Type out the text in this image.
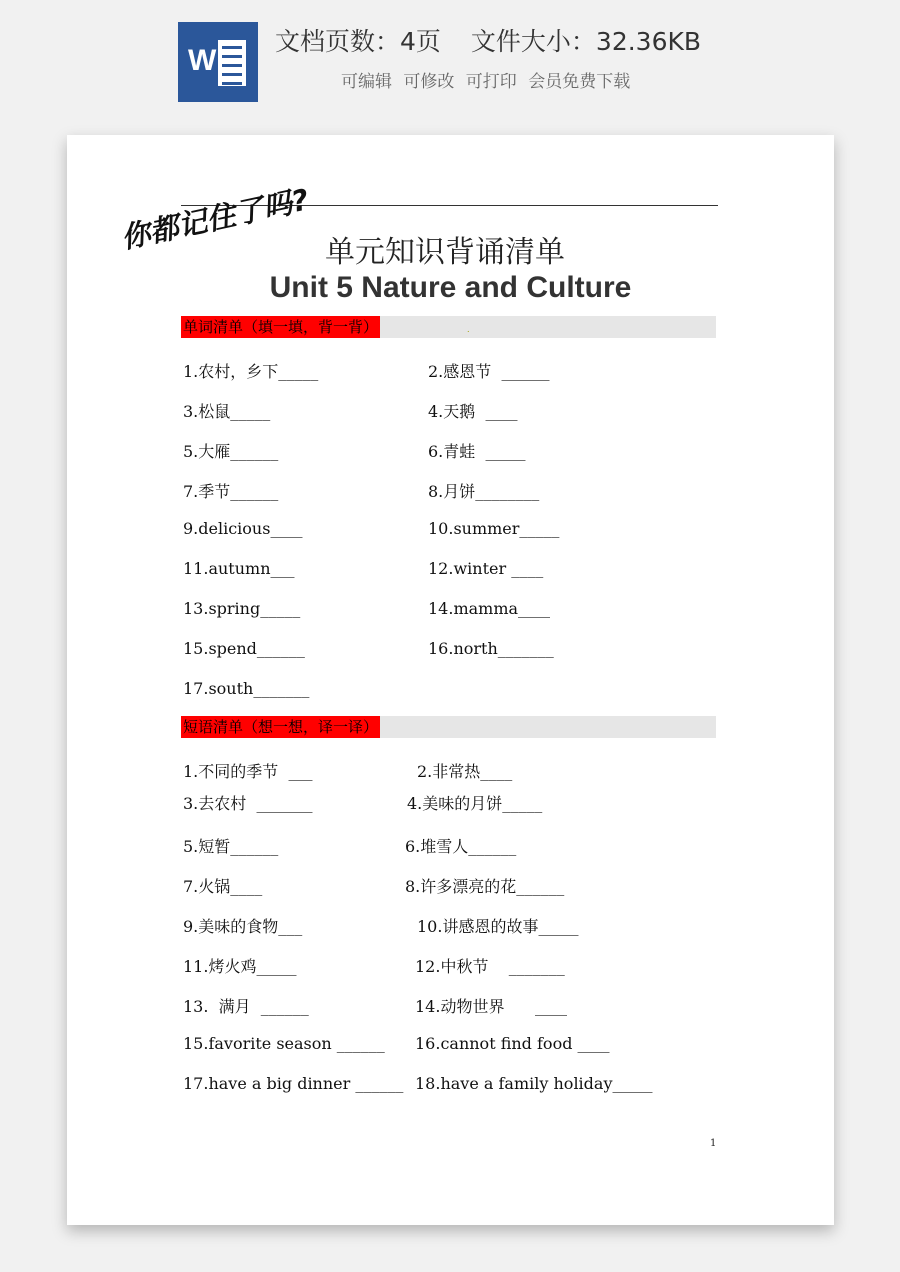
W
文档页数：4页 文件大小：32.36KB
可编辑 可修改 可打印 会员免费下载
你都记住了吗? 单元知识背诵清单
Unit 5 Nature and Culture
单词清单（填一填，背一背）	.
1.农村，乡下_____	2.感恩节  ______
3.松鼠_____	4.天鹅  ____
5.大雁______	6.青蛙  _____
7.季节______	8.月饼________
9.delicious____	10.summer_____
11.autumn___	12.winter ____
13.spring_____	14.mamma____
15.spend______	16.north_______
17.south_______
短语清单（想一想，译一译）
1.不同的季节  ___	2.非常热____
3.去农村  _______	4.美味的月饼_____
5.短暂______	6.堆雪人______
7.火锅____	8.许多漂亮的花______
9.美味的食物___	10.讲感恩的故事_____
11.烤火鸡_____	12.中秋节    _______
13.  满月  ______	14.动物世界      ____
15.favorite season ______ 16.cannot find food ____
17.have a big dinner ______ 18.have a family holiday_____
1
